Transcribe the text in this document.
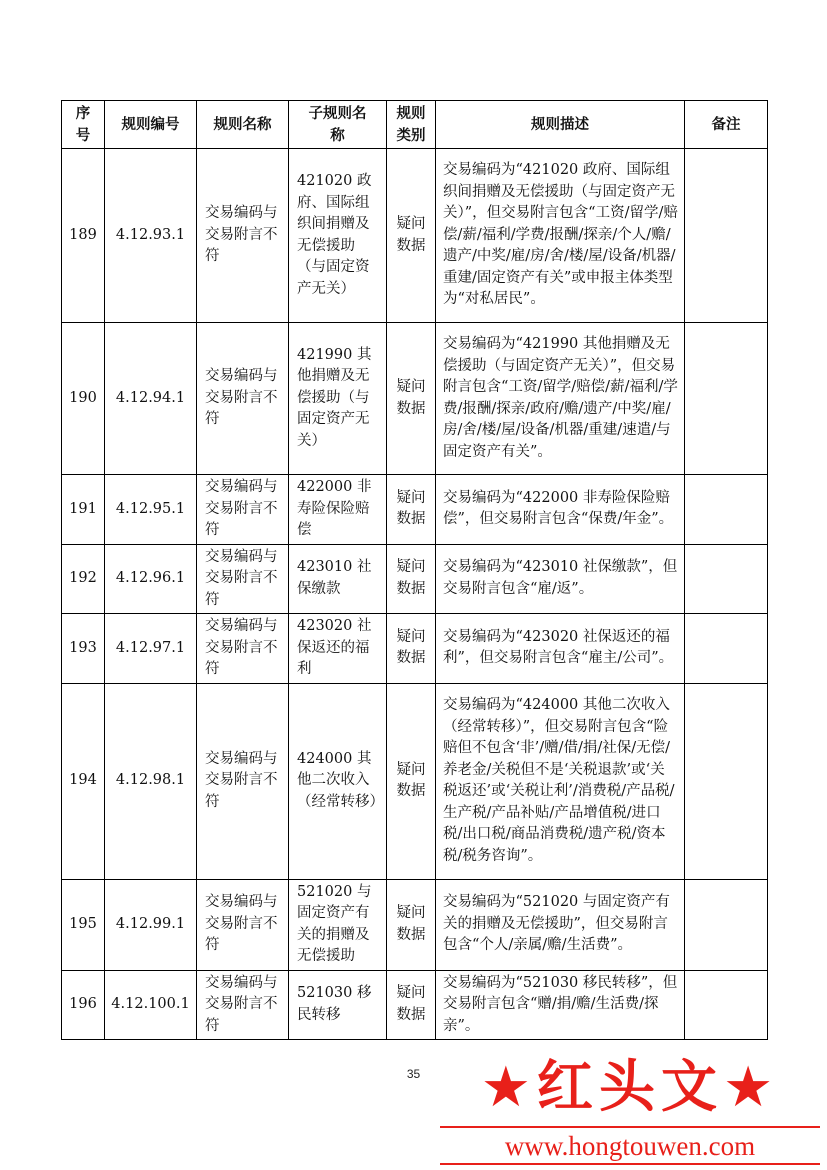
序号	规则编号	规则名称	子规则名称	规则类别	规则描述	备注
189	4.12.93.1	交易编码与交易附言不符	421020 政府、国际组织间捐赠及无偿援助（与固定资产无关）	疑问数据	交易编码为“421020 政府、国际组织间捐赠及无偿援助（与固定资产无关）”，但交易附言包含“工资/留学/赔偿/薪/福利/学费/报酬/探亲/个人/赡/遗产/中奖/雇/房/舍/楼/屋/设备/机器/重建/固定资产有关”或申报主体类型为“对私居民”。	
190	4.12.94.1	交易编码与交易附言不符	421990 其他捐赠及无偿援助（与固定资产无关）	疑问数据	交易编码为“421990 其他捐赠及无偿援助（与固定资产无关）”，但交易附言包含“工资/留学/赔偿/薪/福利/学费/报酬/探亲/政府/赡/遗产/中奖/雇/房/舍/楼/屋/设备/机器/重建/速遣/与固定资产有关”。	
191	4.12.95.1	交易编码与交易附言不符	422000 非寿险保险赔偿	疑问数据	交易编码为“422000 非寿险保险赔偿”，但交易附言包含“保费/年金”。	
192	4.12.96.1	交易编码与交易附言不符	423010 社保缴款	疑问数据	交易编码为“423010 社保缴款”，但交易附言包含“雇/返”。	
193	4.12.97.1	交易编码与交易附言不符	423020 社保返还的福利	疑问数据	交易编码为“423020 社保返还的福利”，但交易附言包含“雇主/公司”。	
194	4.12.98.1	交易编码与交易附言不符	424000 其他二次收入（经常转移）	疑问数据	交易编码为“424000 其他二次收入（经常转移）”，但交易附言包含“险赔但不包含‘非’/赠/借/捐/社保/无偿/养老金/关税但不是‘关税退款’或‘关税返还’或‘关税让利’/消费税/产品税/生产税/产品补贴/产品增值税/进口税/出口税/商品消费税/遗产税/资本税/税务咨询”。	
195	4.12.99.1	交易编码与交易附言不符	521020 与固定资产有关的捐赠及无偿援助	疑问数据	交易编码为“521020 与固定资产有关的捐赠及无偿援助”，但交易附言包含“个人/亲属/赡/生活费”。	
196	4.12.100.1	交易编码与交易附言不符	521030 移民转移	疑问数据	交易编码为“521030 移民转移”，但交易附言包含“赠/捐/赡/生活费/探亲”。	
35	★红头文★
www.hongtouwen.com
